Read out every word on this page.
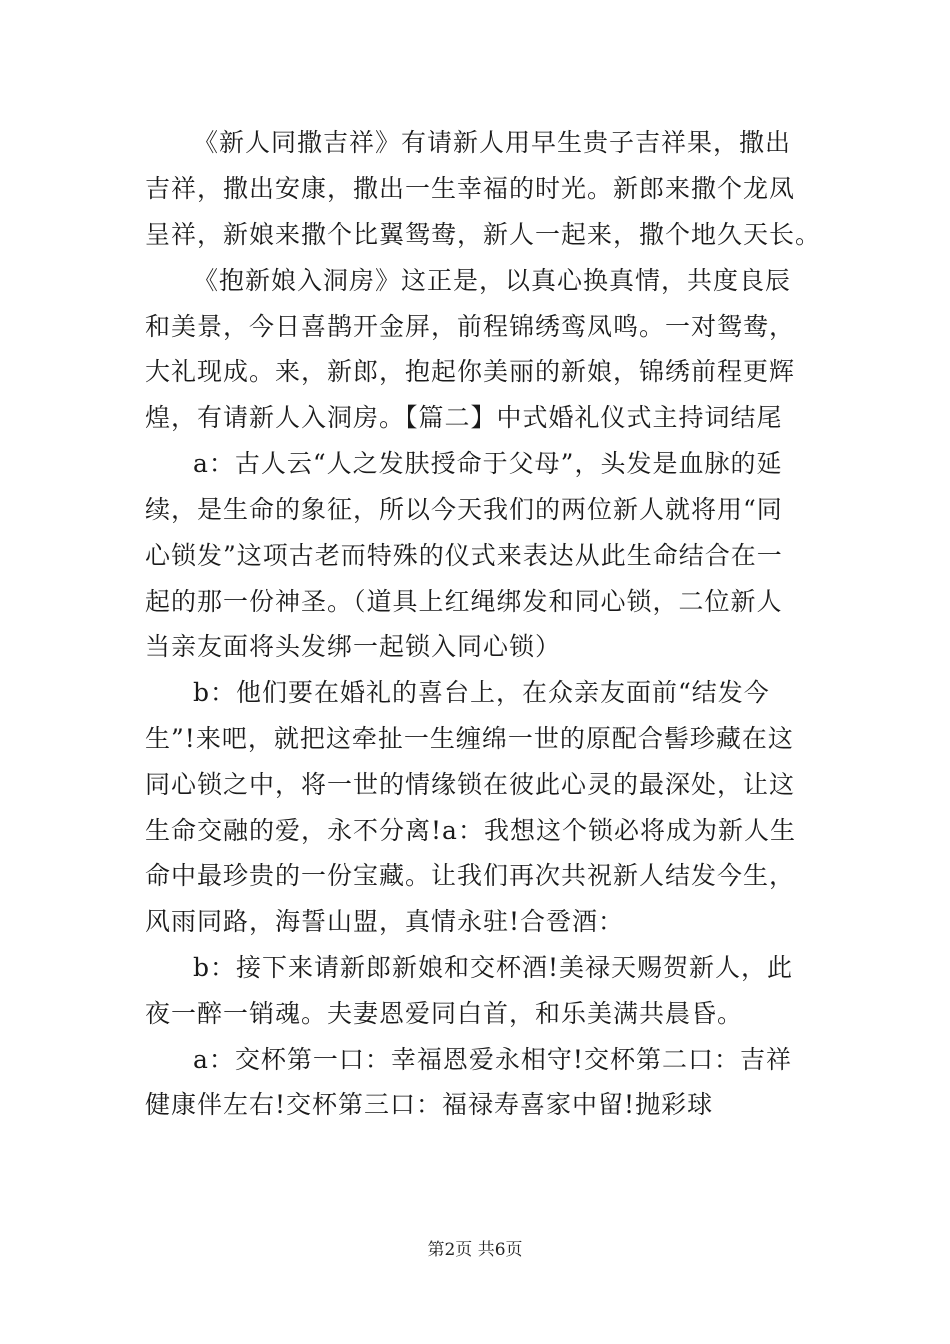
《新人同撒吉祥》有请新人用早生贵子吉祥果，撒出
吉祥，撒出安康，撒出一生幸福的时光。新郎来撒个龙凤
呈祥，新娘来撒个比翼鸳鸯，新人一起来，撒个地久天长。
《抱新娘入洞房》这正是，以真心换真情，共度良辰
和美景，今日喜鹊开金屏，前程锦绣鸾凤鸣。一对鸳鸯，
大礼现成。来，新郎，抱起你美丽的新娘，锦绣前程更辉
煌，有请新人入洞房。【篇二】中式婚礼仪式主持词结尾
a：古人云“人之发肤授命于父母”，头发是血脉的延
续，是生命的象征，所以今天我们的两位新人就将用“同
心锁发”这项古老而特殊的仪式来表达从此生命结合在一
起的那一份神圣。（道具上红绳绑发和同心锁，二位新人
当亲友面将头发绑一起锁入同心锁）
b：他们要在婚礼的喜台上，在众亲友面前“结发今
生”!来吧，就把这牵扯一生缠绵一世的原配合髻珍藏在这
同心锁之中，将一世的情缘锁在彼此心灵的最深处，让这
生命交融的爱，永不分离!a：我想这个锁必将成为新人生
命中最珍贵的一份宝藏。让我们再次共祝新人结发今生，
风雨同路，海誓山盟，真情永驻!合卺酒：
b：接下来请新郎新娘和交杯酒!美禄天赐贺新人，此
夜一醉一销魂。夫妻恩爱同白首，和乐美满共晨昏。
a：交杯第一口：幸福恩爱永相守!交杯第二口：吉祥
健康伴左右!交杯第三口：福禄寿喜家中留!抛彩球
第2页 共6页
